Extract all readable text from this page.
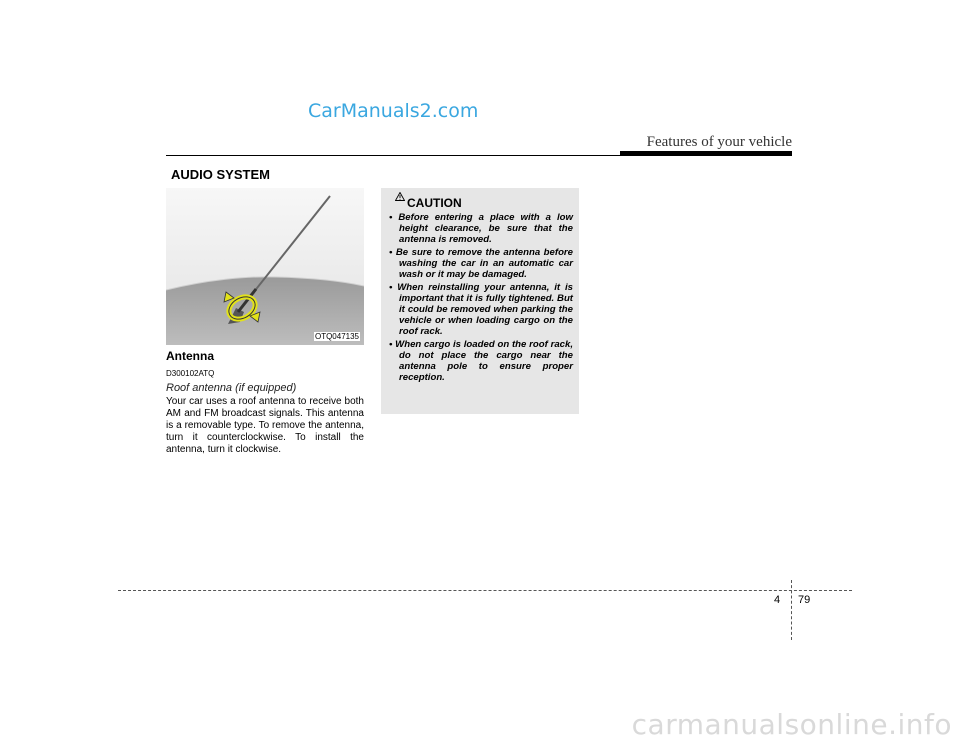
CarManuals2.com
Features of your vehicle
AUDIO SYSTEM
OTQ047135
Antenna
D300102ATQ
Roof antenna (if equipped)
Your car uses a roof antenna to receive both AM and FM broadcast signals. This antenna is a removable type. To remove the antenna, turn it counterclockwise. To install the antenna, turn it clockwise.
CAUTION
• Before entering a place with a low height clearance, be sure that the antenna is removed.
• Be sure to remove the antenna before washing the car in an automatic car wash or it may be damaged.
• When reinstalling your antenna, it is important that it is fully tightened. But it could be removed when parking the vehicle or when loading cargo on the roof rack.
• When cargo is loaded on the roof rack, do not place the cargo near the antenna pole to ensure proper reception.
4 79
carmanualsonline.info
